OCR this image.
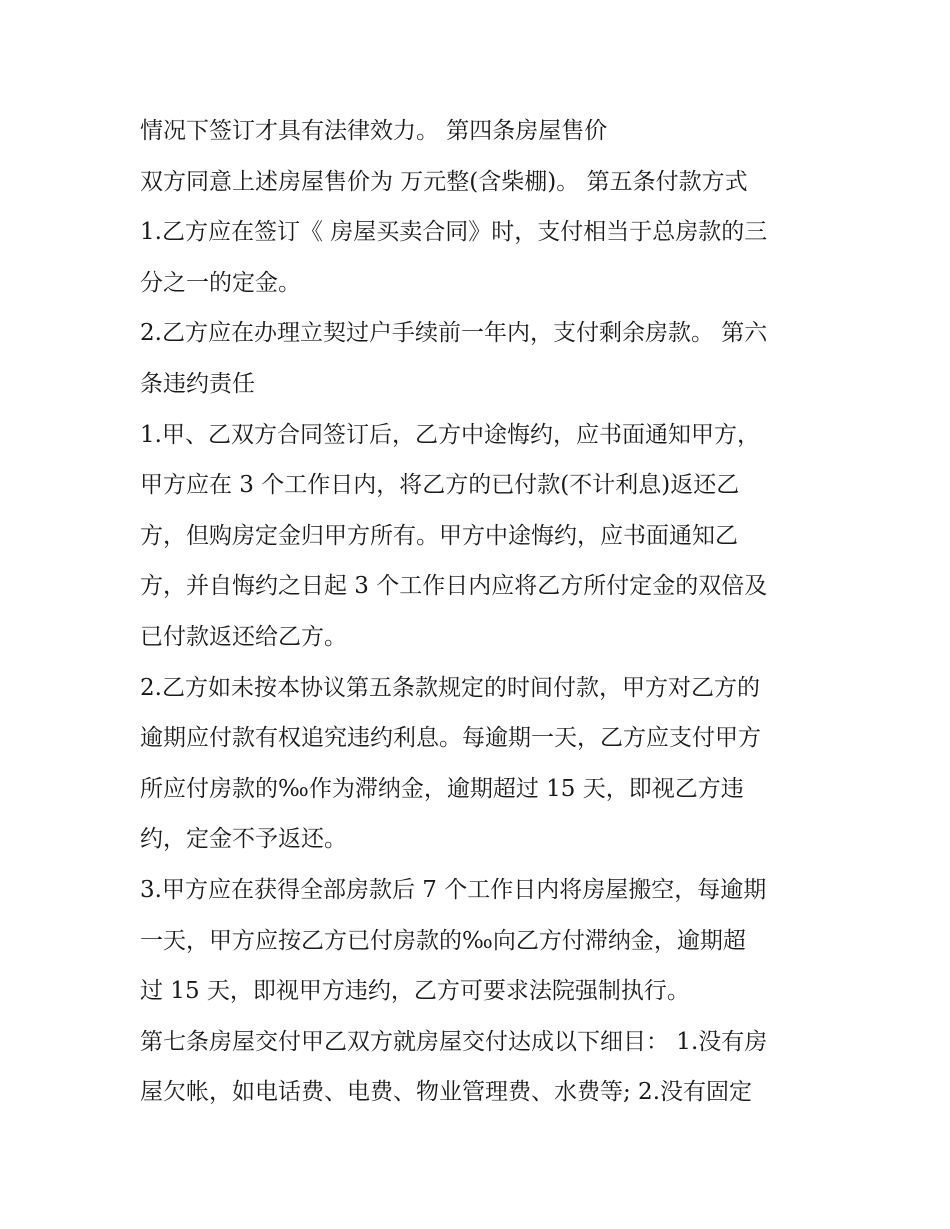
情况下签订才具有法律效力。 第四条房屋售价
双方同意上述房屋售价为 万元整(含柴棚)。 第五条付款方式
1.乙方应在签订《 房屋买卖合同》时，支付相当于总房款的三
分之一的定金。
2.乙方应在办理立契过户手续前一年内，支付剩余房款。 第六
条违约责任
1.甲、乙双方合同签订后，乙方中途悔约，应书面通知甲方，
甲方应在 3 个工作日内，将乙方的已付款(不计利息)返还乙
方，但购房定金归甲方所有。甲方中途悔约，应书面通知乙
方，并自悔约之日起 3 个工作日内应将乙方所付定金的双倍及
已付款返还给乙方。
2.乙方如未按本协议第五条款规定的时间付款，甲方对乙方的
逾期应付款有权追究违约利息。每逾期一天，乙方应支付甲方
所应付房款的‰作为滞纳金，逾期超过 15 天，即视乙方违
约，定金不予返还。
3.甲方应在获得全部房款后 7 个工作日内将房屋搬空，每逾期
一天，甲方应按乙方已付房款的‰向乙方付滞纳金，逾期超
过 15 天，即视甲方违约，乙方可要求法院强制执行。
第七条房屋交付甲乙双方就房屋交付达成以下细目： 1.没有房
屋欠帐，如电话费、电费、物业管理费、水费等; 2.没有固定
